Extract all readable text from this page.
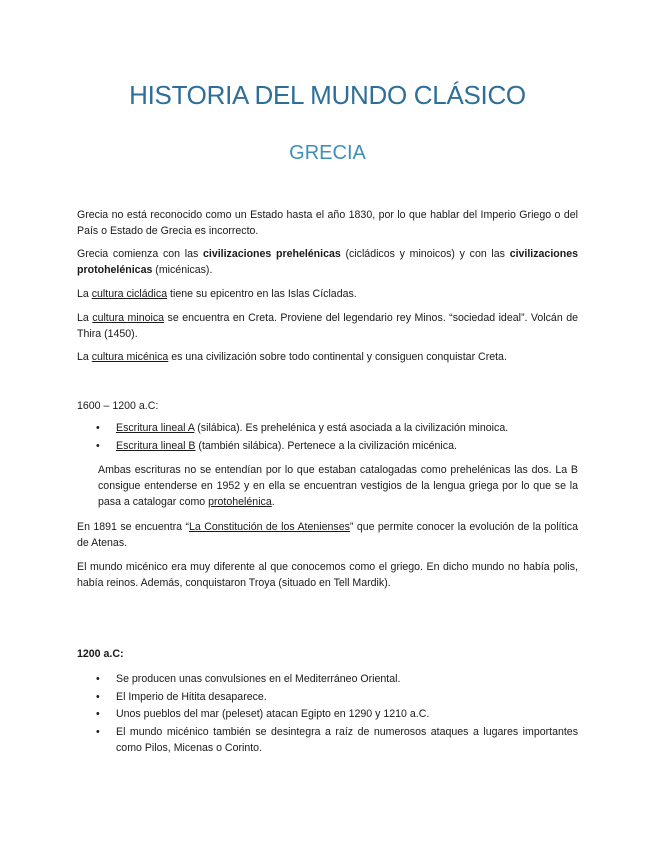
HISTORIA DEL MUNDO CLÁSICO
GRECIA

Grecia no está reconocido como un Estado hasta el año 1830, por lo que hablar del Imperio Griego o del País o Estado de Grecia es incorrecto.

Grecia comienza con las civilizaciones prehelénicas (cicládicos y minoicos) y con las civilizaciones protohelénicas (micénicas).

La cultura cicládica tiene su epicentro en las Islas Cícladas.

La cultura minoica se encuentra en Creta. Proviene del legendario rey Minos. “sociedad ideal”. Volcán de Thira (1450).

La cultura micénica es una civilización sobre todo continental y consiguen conquistar Creta.

1600 – 1200 a.C:

• Escritura lineal A (silábica). Es prehelénica y está asociada a la civilización minoica.
• Escritura lineal B (también silábica). Pertenece a la civilización micénica.
Ambas escrituras no se entendían por lo que estaban catalogadas como prehelénicas las dos. La B consigue entenderse en 1952 y en ella se encuentran vestigios de la lengua griega por lo que se la pasa a catalogar como protohelénica.

En 1891 se encuentra “La Constitución de los Atenienses” que permite conocer la evolución de la política de Atenas.

El mundo micénico era muy diferente al que conocemos como el griego. En dicho mundo no había polis, había reinos. Además, conquistaron Troya (situado en Tell Mardik).

1200 a.C:

• Se producen unas convulsiones en el Mediterráneo Oriental.
• El Imperio de Hitita desaparece.
• Unos pueblos del mar (peleset) atacan Egipto en 1290 y 1210 a.C.
• El mundo micénico también se desintegra a raíz de numerosos ataques a lugares importantes como Pilos, Micenas o Corinto.
